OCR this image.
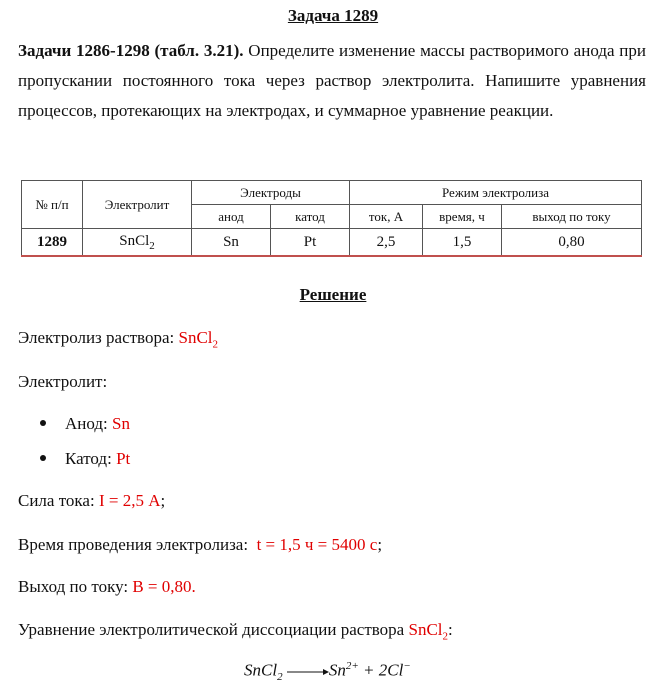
Задача 1289
Задачи 1286-1298 (табл. 3.21). Определите изменение массы растворимого анода при пропускании постоянного тока через раствор электролита. Напишите уравнения процессов, протекающих на электродах, и суммарное уравнение реакции.
№ п/п	Электролит	Электроды		Режим электролиза		
		анод	катод	ток, А	время, ч	выход по току
1289	SnCl$_2$	Sn	Pt	2,5	1,5	0,80
Решение
Электролиз раствора: SnCl$_2$
Электролит:
Анод: Sn
Катод: Pt
Сила тока: I = 2,5 А;
Время проведения электролиза:  t = 1,5 ч = 5400 с;
Выход по току: В = 0,80.
Уравнение электролитической диссоциации раствора SnCl$_2$:
SnCl$_2$ $\to Sn^{2+} + 2Cl^-$
